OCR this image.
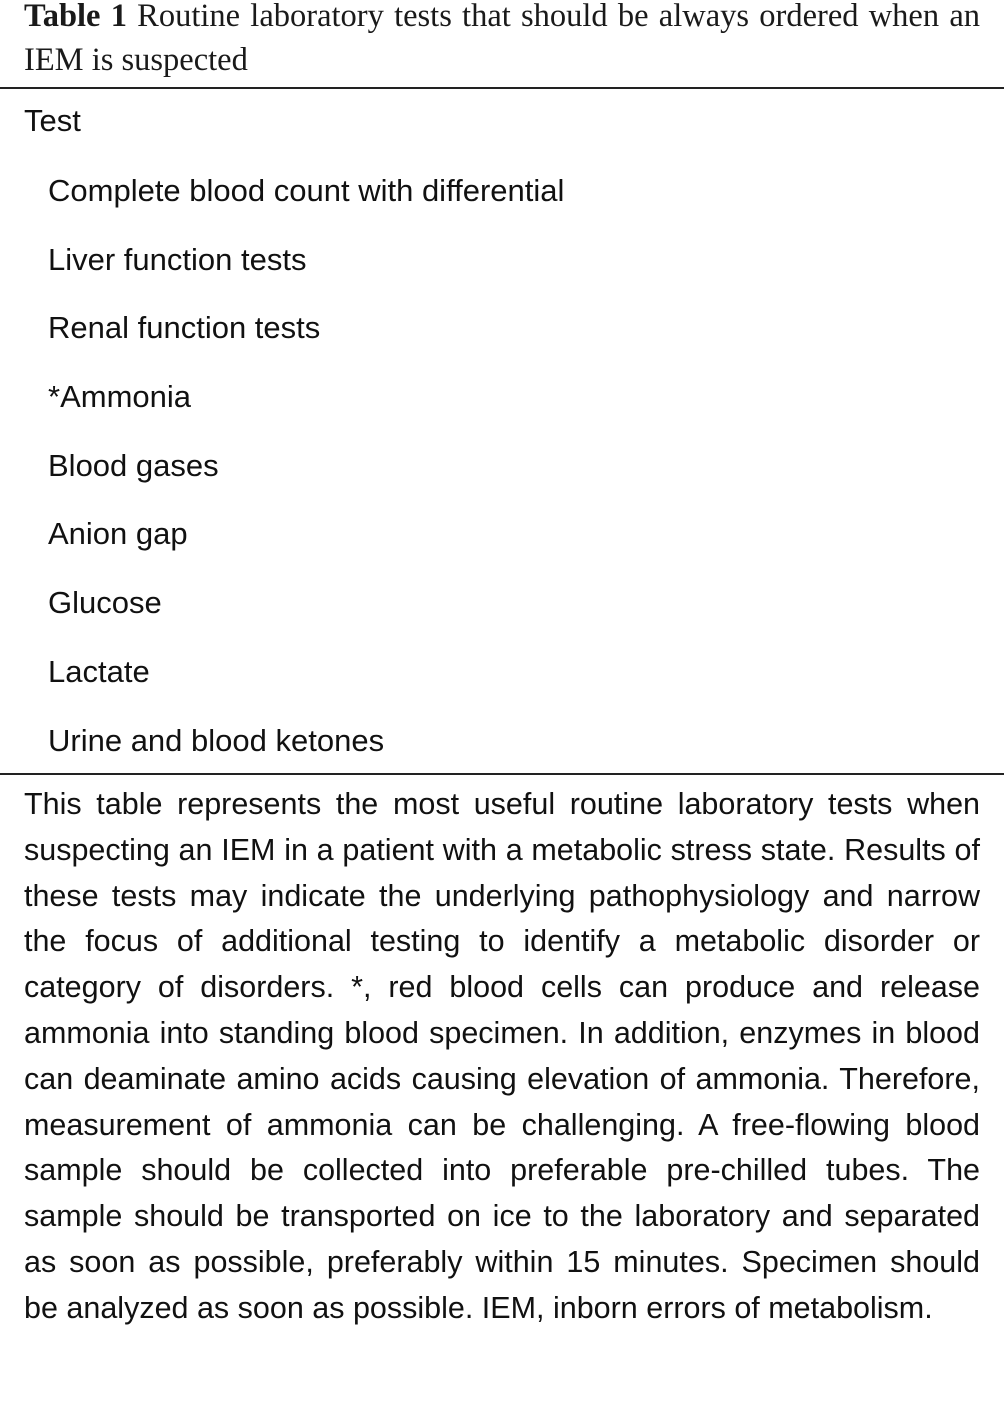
Table 1 Routine laboratory tests that should be always ordered when an IEM is suspected
Test
Complete blood count with differential
Liver function tests
Renal function tests
*Ammonia
Blood gases
Anion gap
Glucose
Lactate
Urine and blood ketones

This table represents the most useful routine laboratory tests when suspecting an IEM in a patient with a metabolic stress state. Results of these tests may indicate the underlying pathophysiology and narrow the focus of additional testing to identify a metabolic disorder or category of disorders. *, red blood cells can produce and release ammonia into standing blood specimen. In addition, enzymes in blood can deaminate amino acids causing elevation of ammonia. Therefore, measurement of ammonia can be challenging. A free-flowing blood sample should be collected into preferable pre-chilled tubes. The sample should be transported on ice to the laboratory and separated as soon as possible, preferably within 15 minutes. Specimen should be analyzed as soon as possible. IEM, inborn errors of metabolism.
